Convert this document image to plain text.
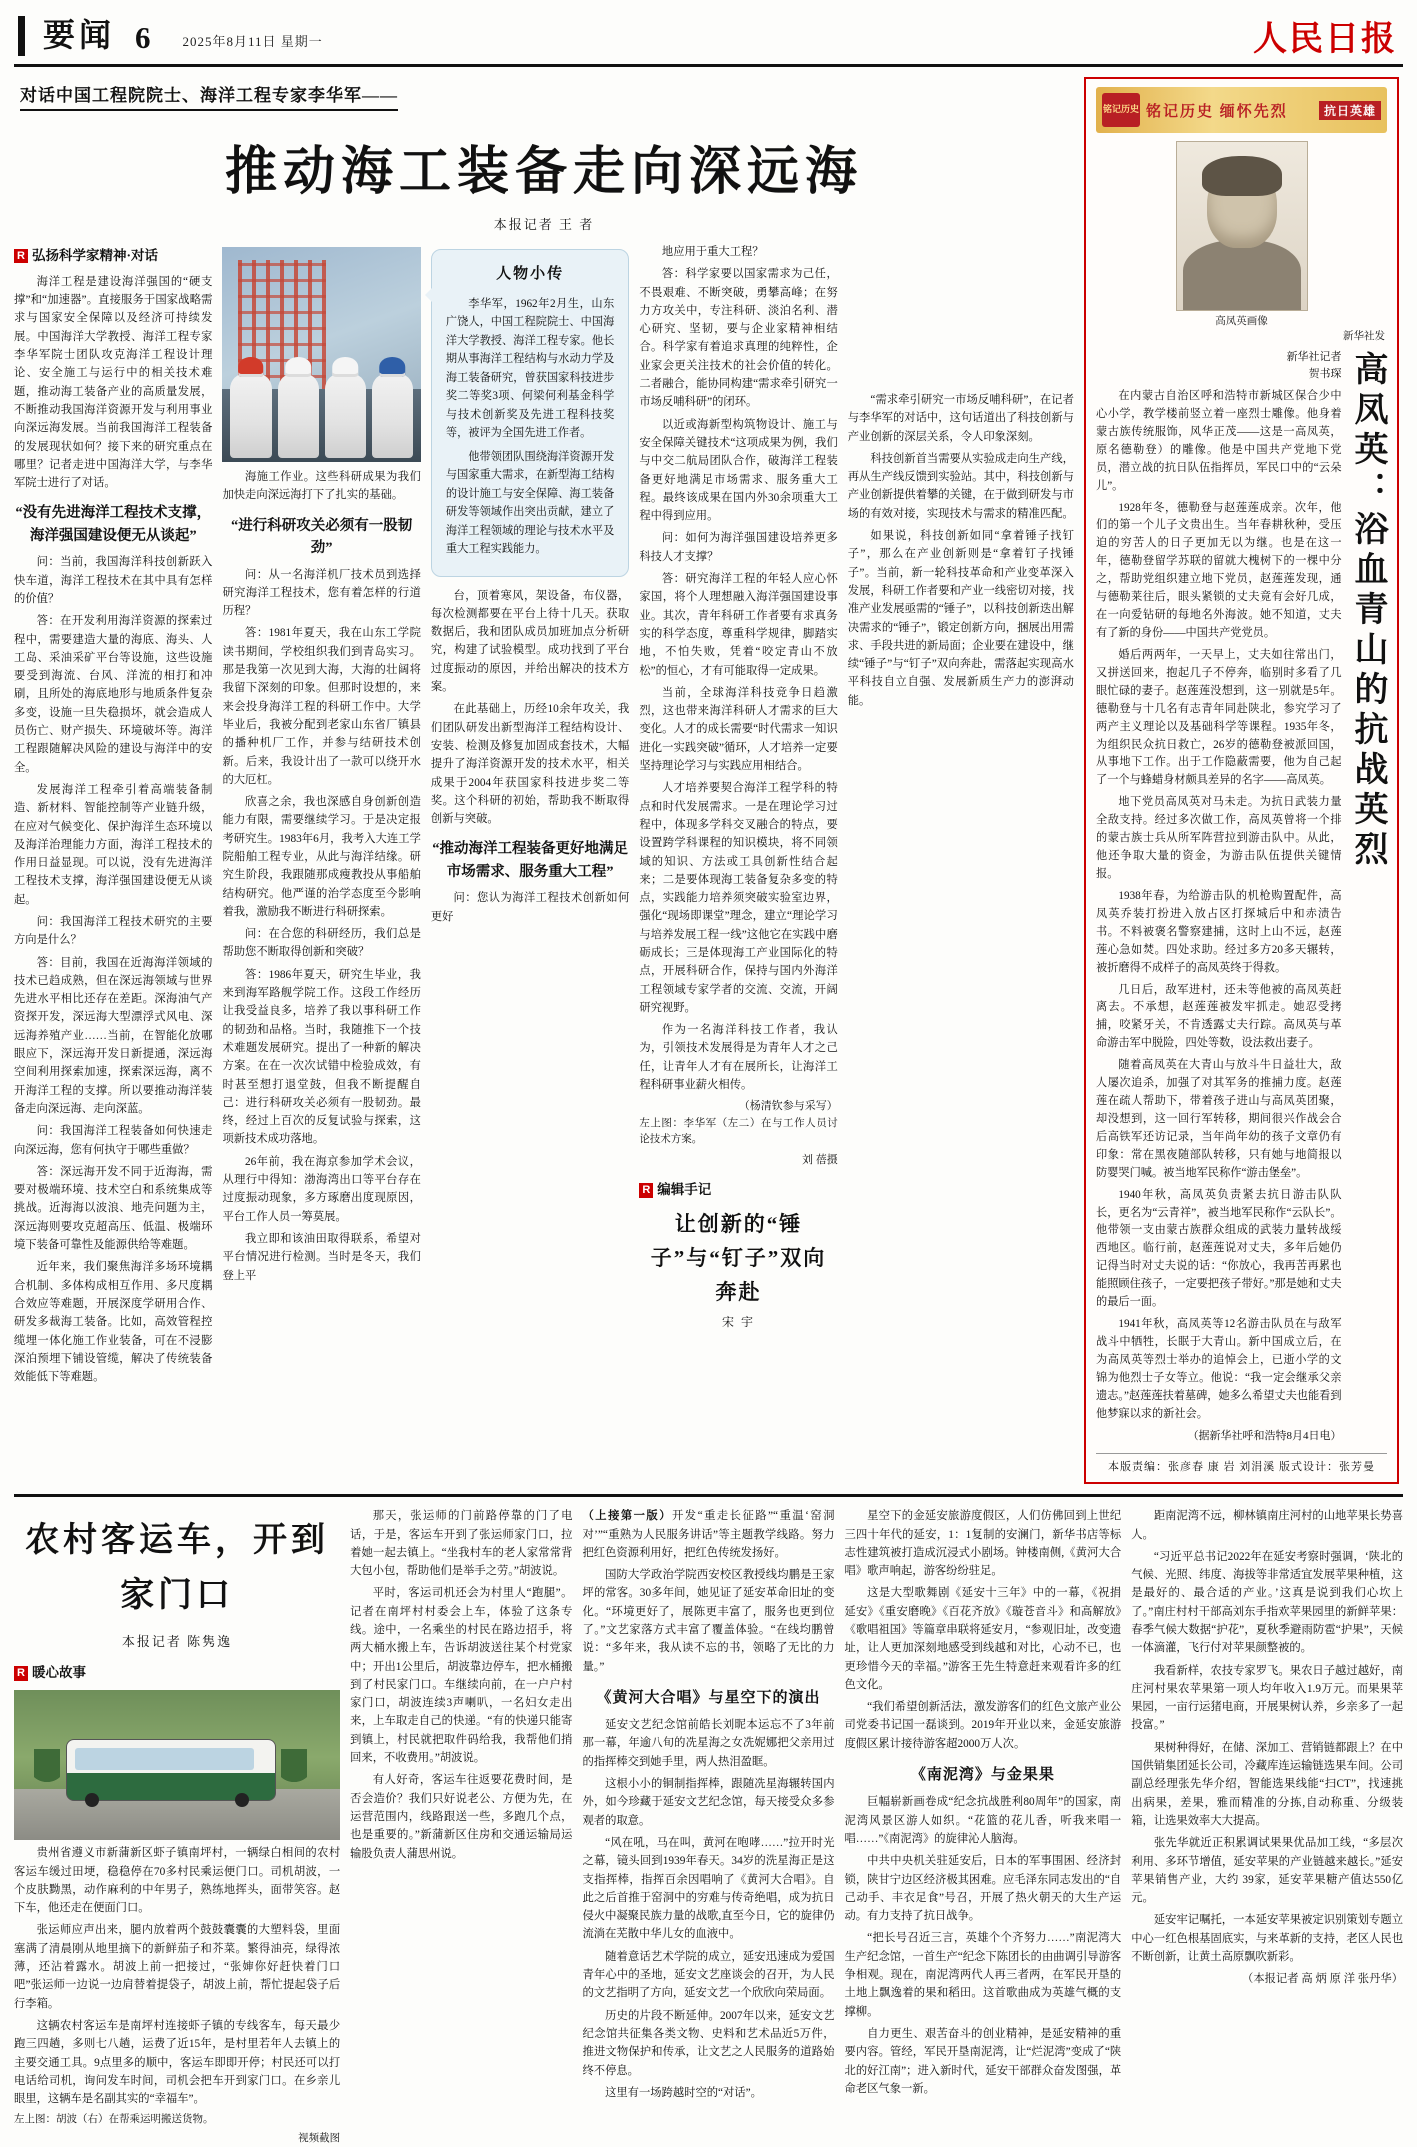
要闻 6 2025年8月11日 星期一	人民日报
对话中国工程院院士、海洋工程专家李华军——
推动海工装备走向深远海
本报记者 王 者
R 弘扬科学家精神·对话

海洋工程是建设海洋强国的“硬支撑”和“加速器”。直接服务于国家战略需求与国家安全保障以及经济可持续发展。中国海洋大学教授、海洋工程专家李华军院士团队攻克海洋工程设计理论、安全施工与运行中的相关技术难题，推动海工装备产业的高质量发展，不断推动我国海洋资源开发与利用事业向深远海发展。当前我国海洋工程装备的发展现状如何？接下来的研究重点在哪里？记者走进中国海洋大学，与李华军院士进行了对话。

“没有先进海洋工程技术支撑，海洋强国建设便无从谈起”

问：当前，我国海洋科技创新跃入快车道，海洋工程技术在其中具有怎样的价值？

答：在开发利用海洋资源的探索过程中，需要建造大量的海底、海头、人工岛、采油采矿平台等设施，这些设施要受到海流、台风、洋流的相打和冲刷，且所处的海底地形与地质条件复杂多变，设施一旦失稳损坏，就会造成人员伤亡、财产损失、环境破坏等。海洋工程跟随解决风险的建设与海洋中的安全。

发展海洋工程牵引着高端装备制造、新材料、智能控制等产业链升级，在应对气候变化、保护海洋生态环境以及海洋治理能力方面，海洋工程技术的作用日益显现。可以说，没有先进海洋工程技术支撑，海洋强国建设便无从谈起。

问：我国海洋工程技术研究的主要方向是什么？

答：目前，我国在近海海洋领域的技术已趋成熟，但在深远海领域与世界先进水平相比还存在差距。深海油气产资探开发，深远海大型漂浮式风电、深远海养殖产业……当前，在智能化放哪眼应下，深远海开发日新提通，深远海空间利用探索加速，探索深远海，离不开海洋工程的支撑。所以要推动海洋装备走向深远海、走向深蓝。

问：我国海洋工程装备如何快速走向深远海，您有何执守于哪些重做？

答：深远海开发不同于近海海，需要对极端环境、技术空白和系统集成等挑战。近海海以波浪、地壳问题为主，深远海则要攻克超高压、低温、极端环境下装备可靠性及能源供给等难题。

近年来，我们聚焦海洋多场环境耦合机制、多体构成相互作用、多尺度耦合效应等难题，开展深度学研用合作、研发多裁海工装备。比如，高效管程控缆埋一体化施工作业装备，可在不浸膨深泊预埋下铺设管缆，解决了传统装备效能低下等难题。

海施工作业。这些科研成果为我们加快走向深远海打下了扎实的基础。

“进行科研攻关必须有一股韧劲”

问：从一名海洋机厂技术员到选择研究海洋工程技术，您有着怎样的行道历程？

答：1981年夏天，我在山东工学院读书期间，学校组织我们到青岛实习。那是我第一次见到大海，大海的壮阔将我留下深刻的印象。但那时设想的，来来会投身海洋工程的科研工作中。大学毕业后，我被分配到老家山东省厂镇县的播种机厂工作，并参与结研技术创新。后来，我设计出了一款可以绕开水的大厄杠。

欣喜之余，我也深感自身创新创造能力有限，需要继续学习。于是决定报考研究生。1983年6月，我考入大连工学院船舶工程专业，从此与海洋结缘。研究生阶段，我跟随那成瘦教投从事船舶结构研究。他严谨的治学态度至今影响着我，激励我不断进行科研探索。

问：在合您的科研经历，我们总是帮助您不断取得创新和突破？

答：1986年夏天，研究生毕业，我来到海军路舰学院工作。这段工作经历让我受益良多，培养了我以事科研工作的韧劲和品格。当时，我随推下一个技术难题发展研究。提出了一种新的解决方案。在在一次次试错中检验成效，有时甚至想打退堂鼓，但我不断提醒自己：进行科研攻关必须有一股韧劲。最终，经过上百次的反复试验与探索，这项新技术成功落地。

26年前，我在海京参加学术会议，从理行中得知：渤海湾出口等平台存在过度振动现象，多方琢磨出度现原因，平台工作人员一筹莫展。

我立即和该油田取得联系，希望对平台情况进行检测。当时是冬天，我们登上平

人物小传

李华军，1962年2月生，山东广饶人，中国工程院院士、中国海洋大学教授、海洋工程专家。他长期从事海洋工程结构与水动力学及海工装备研究，曾获国家科技进步奖二等奖3项、何梁何利基金科学与技术创新奖及先进工程科技奖等，被评为全国先进工作者。

他带领团队围绕海洋资源开发与国家重大需求，在新型海工结构的设计施工与安全保障、海工装备研发等领域作出突出贡献，建立了海洋工程领域的理论与技术水平及重大工程实践能力。

台，顶着寒风，架设备，布仪器，每次检测都要在平台上待十几天。获取数据后，我和团队成员加班加点分析研究，构建了试验模型。成功找到了平台过度振动的原因，并给出解决的技术方案。

在此基础上，历经10余年攻关，我们团队研发出新型海洋工程结构设计、安装、检测及修复加固成套技术，大幅提升了海洋资源开发的技术水平，相关成果于2004年获国家科技进步奖二等奖。这个科研的初始，帮助我不断取得创新与突破。

“推动海洋工程装备更好地满足市场需求、服务重大工程”

问：您认为海洋工程技术创新如何更好

地应用于重大工程？

答：科学家要以国家需求为己任，不畏艰难、不断突破，勇攀高峰；在努力方攻关中，专注科研、淡泊名利、潜心研究、坚韧，要与企业家精神相结合。科学家有着追求真理的纯粹性，企业家会更关注技术的社会价值的转化。二者融合，能协同构建“需求牵引研究一市场反哺科研”的闭环。

以近或海新型构筑物设计、施工与安全保障关键技术“这项成果为例，我们与中交二航局团队合作，破海洋工程装备更好地满足市场需求、服务重大工程。最终该成果在国内外30余项重大工程中得到应用。

问：如何为海洋强国建设培养更多科技人才支撑？

答：研究海洋工程的年轻人应心怀家国，将个人理想融入海洋强国建设事业。其次，青年科研工作者要有求真务实的科学态度，尊重科学规律，脚踏实地，不怕失败，凭着“咬定青山不放松”的恒心，才有可能取得一定成果。

当前，全球海洋科技竞争日趋激烈，这也带来海洋科研人才需求的巨大变化。人才的成长需要“时代需求一知识进化一实践突破”循环，人才培养一定要坚持理论学习与实践应用相结合。

人才培养要契合海洋工程学科的特点和时代发展需求。一是在理论学习过程中，体现多学科交叉融合的特点，要设置跨学科课程的知识模块，将不同领域的知识、方法或工具创新性结合起来；二是要体现海工装备复杂多变的特点，实践能力培养须突破实验室边界，强化“现场即课堂”理念，建立“理论学习与培养发展工程一线”这他它在实践中磨砺成长；三是体现海工产业国际化的特点，开展科研合作，保持与国内外海洋工程领域专家学者的交流、交流，开阔研究视野。

作为一名海洋科技工作者，我认为，引领技术发展得是为青年人才之己任，让青年人才有在展所长，让海洋工程科研事业薪火相传。

（杨清钦参与采写）
左上图：李华军（左二）在与工作人员讨论技术方案。
刘 蓓摄
R 编辑手记
让创新的“锤子”与“钉子”双向奔赴
宋 宇

“需求牵引研究一市场反哺科研”，在记者与李华军的对话中，这句话道出了科技创新与产业创新的深层关系，令人印象深刻。

科技创新首当需要从实验成走向生产线，再从生产线反馈到实验站。其中，科技创新与产业创新提供着攀的关键，在于做到研发与市场的有效对接，实现技术与需求的精准匹配。

如果说，科技创新如同“拿着锤子找钉子”，那么在产业创新则是“拿着钉子找锤子”。当前，新一轮科技革命和产业变革深入发展，科研工作者要和产业一线密切对接，找准产业发展亟需的“锤子”，以科技创新迭出解决需求的“锤子”，锻定创新方向，捆展出用需求、手段共进的新局面；企业要在建设中，继续“锤子”与“钉子”双向奔赴，需落起实现高水平科技自立自强、发展新质生产力的澎湃动能。

铭记历史 铭记历史 缅怀先烈	抗日英雄
高凤英画像
新华社发
新华社记者
贺书琛

在内蒙古自治区呼和浩特市新城区保合少中心小学，教学楼前竖立着一座烈士雕像。他身着蒙古族传统服饰，风华正茂——这是一高凤英，原名德勒登）的雕像。他是中国共产党地下党员，潜立战的抗日队伍指挥员，军民口中的“云朵儿”。

1928年冬，德勒登与赵莲莲成亲。次年，他们的第一个儿子文贵出生。当年春耕秋种，受压迫的穷苦人的日子更加无以为继。也是在这一年，德勒登留学苏联的留就大槐树下的一棵中分之，帮助党组织建立地下党员，赵莲莲发现，通与德勒莱往后，眼头紧锁的丈夫竟有会好几成，在一向爱钻研的每地名外海波。她不知道，丈夫有了新的身份——中国共产党党员。

婚后两两年，一天早上，丈夫如往常出门，又拼送回来，抱起几子不停奔，临别时多看了几眼忙碌的妻子。赵莲莲没想到，这一别就是5年。德勒登与十几名有志青年同赴陕北，参究学习了两产主义理论以及基础科学等课程。1935年冬，为组织民众抗日救亡，26岁的德勒登被派回国，从事地下工作。出于工作隐蔽需要，他为自己起了一个与蜂蜡身材颇具差异的名字——高凤英。

地下党员高凤英对马未走。为抗日武装力量全敌支持。经过多次做工作，高凤英曾将一个排的蒙古族士兵从所军阵营拉到游击队中。从此，他还争取大量的资金，为游击队伍提供关键情报。

1938年春，为给游击队的机枪购置配件，高凤英乔装打扮进入放占区打探城后中和赤渍告书。不料被褒名警察建捕，这时上山不远，赵莲莲心急如焚。四处求助。经过多方20多天辗转，被折磨得不成样子的高凤英终于得救。

几日后，敌军进村，还未等他被的高凤英赶离去。不承想，赵莲莲被发牢抓走。她忍受拷捕，咬紧牙关，不肯透露丈夫行踪。高凤英与革命游击军中脱险，四处等数，设法救出妻子。

随着高凤英在大青山与放斗牛日益壮大，敌人屡次追杀，加强了对其军务的推捕力度。赵莲莲在疏人帮助下，带着孩子进山与高凤英团聚，却没想到，这一回行军转移，期间很兴作战会合后高铁军还访记录，当年尚年幼的孩子文章仍有印象：常在黑夜随部队转移，只有她与地简报以防婴哭门喊。被当地军民称作“游击堡垒”。

1940年秋，高凤英负责紧去抗日游击队队长，更名为“云青祥”，被当地军民称作“云队长”。他带领一支由蒙古族群众组成的武装力量转战绥西地区。临行前，赵莲莲说对丈夫，多年后她仍记得当时对丈夫说的话：“你放心，我再苦再累也能照顾住孩子，一定要把孩子带好。”那是她和丈夫的最后一面。

1941年秋，高凤英等12名游击队员在与敌军战斗中牺牲，长眠于大青山。新中国成立后，在为高凤英等烈士举办的追悼会上，已逝小学的文锦为他烈士子女等立。他说：“我一定会继承父亲遗志。”赵莲莲扶着墓碑，她多么希望丈夫也能看到他梦寐以求的新社会。

（据新华社呼和浩特8月4日电）
高凤英：浴血青山的抗战英烈
本版责编：张彦春 康 岩 刘涓溪 版式设计：张芳曼
农村客运车，开到家门口
本报记者 陈隽逸
R 暖心故事

贵州省遵义市新蒲新区虾子镇南坪村，一辆绿白相间的农村客运车缓过田埂，稳稳停在70多村民乘运便门口。司机胡波，一个皮肤黝黑，动作麻利的中年男子，熟练地挥头，面带笑容。赵下车，他还走在便面门口。

张运师应声出来，腿内放着两个鼓鼓囊囊的大塑料袋，里面塞满了清晨刚从地里摘下的新鲜茄子和芥菜。繁得油亮，绿得浓薄，还沾着露水。胡波上前一把接过，“张婶你好赶快着门口吧”张运师一边说一边肩替着提袋子，胡波上前，帮忙提起袋子后行李箱。

这辆农村客运车是南坪村连接虾子镇的专线客车，每天最少跑三四趟，多则七八趟，运费了近15年，是村里若年人去镇上的主要交通工具。9点里多的顺中，客运车即即开停；村民还可以打电话给司机，询问发车时间，司机会把车开到家门口。在乡亲儿眼里，这辆车是名副其实的“幸福车”。

左上图：胡波（右）在帮乘运明搬送货物。
视频截图

那天，张运师的门前路停靠的门了电话，于是，客运车开到了张运师家门口，拉着她一起去镇上。“坐我村车的老人家常常背大包小包，帮助他们是举手之劳。”胡波说。

平时，客运司机还会为村里人“跑腿”。记者在南坪村村委会上车，体验了这条专线。途中，一名乘坐的村民在路边招手，将两大桶水搬上车，告诉胡波送往某个村党家中；开出1公里后，胡波靠边停车，把水桶搬到了村民家门口。车继续向前，在一户户村家门口，胡波连续3声喇叭，一名妇女走出来，上车取走自己的快递。“有的快递只能寄到镇上，村民就把取件码给我，我帮他们捎回来，不收费用。”胡波说。

有人好奇，客运车往返要花费时间，是否会造价？我们只好说老公、方便为先，在运营范围内，线路跟送一些，多跑几个点，也是重要的。”新蒲新区住房和交通运输局运输股负责人蒲思州说。

（上接第一版）开发“重走长征路”“重温‘窑洞对’”“重熟为人民服务讲话”等主题教学线路。努力把红色资源利用好，把红色传统发扬好。

国防大学政治学院西安校区教授线均鹏是王家坪的常客。30多年间，她见证了延安革命旧址的变化。“环境更好了，展陈更丰富了，服务也更到位了。”文艺家落方式丰富了覆盖体验。“在线均鹏曾说：“多年来，我从读不忘的书，领略了无比的力量。”

《黄河大合唱》与星空下的演出

延安文艺纪念馆前皓长刘昵本运忘不了3年前那一幕，年逾八旬的冼星海之女冼妮娜把父亲用过的指挥棒交到她手里，两人热泪盈眶。

这根小小的铜制指挥棒，跟随冼星海辗转国内外，如今珍藏于延安文艺纪念馆，每天接受众多参观者的取意。

“风在吼，马在叫，黄河在咆哮……”拉开时光之幕，镜头回到1939年春天。34岁的洗星海正是这支指挥棒，指挥百余因唱响了《黄河大合唱》。自此之后首推于窑洞中的穷难与传奇绝唱，成为抗日侵火中凝聚民族力量的战歌,直至今日，它的旋律仍流淌在芜散中华儿女的血液中。

随着意话艺术学院的成立，延安迅速成为爱国青年心中的圣地，延安文艺座谈会的召开，为人民的文艺指明了方向，延安文艺一个欣欣向荣局面。

历史的片段不断延伸。2007年以来，延安文艺纪念馆共征集各类文物、史料和艺术品近5万件，推进文物保护和传承，让文艺之人民服务的道路始终不停息。

这里有一场跨越时空的“对话”。

星空下的金延安旅游度假区，人们仿佛回到上世纪三四十年代的延安，1：1复制的安澜门，新华书店等标志性建筑被打造成沉浸式小剧场。钟楼南侧,《黄河大合唱》歌声响起，游客纷纷驻足。

这是大型歌舞剧《延安十三年》中的一幕，《祝捐延安》《重安磨晚》《百花齐放》《璇苍音斗》和高解放》《歌唱祖国》等篇章串联将延安月，“参观旧址，改变遗址，让人更加深刻地感受到线越和对比，心动不已，也更珍惜今天的幸福。”游客王先生特意赶来观看许多的红色文化。

“我们希望创新活法，激发游客们的红色文旅产业公司党委书记国一磊谈到。2019年开业以来，金延安旅游度假区累计接待游客超2000万人次。

《南泥湾》与金果果

巨幅崭新画卷成“纪念抗战胜利80周年”的国家，南泥湾风景区游人如织。“花篮的花儿香，听我来唱一唱……”《南泥湾》的旋律沁人脑海。

中共中央机关驻延安后，日本的军事围困、经济封锁，陕甘宁边区经济极其困难。应毛泽东同志发出的“自己动手、丰衣足食”号召，开展了热火朝天的大生产运动。有力支持了抗日战争。

“把长号召近三言，英雄个个齐努力……”南泥湾大生产纪念馆，一首生产“纪念下陈团长的由曲调引导游客争相观。现在，南泥湾两代人再三者两，在军民开垦的土地上飘逸着的果和稻田。这首歌曲成为英雄气概的支撑柳。

自力更生、艰苦奋斗的创业精神，是延安精神的重要内容。管经，军民开垦南泥湾，让“烂泥湾”变成了“陕北的好江南”；进入新时代，延安干部群众奋发图强，革命老区气象一新。

距南泥湾不远，柳林镇南庄河村的山地苹果长势喜人。

“习近平总书记2022年在延安考察时强调，‘陕北的气候、光照、纬度、海拔等非常适宜发展苹果种植，这是最好的、最合适的产业。’这真是说到我们心坎上了。”南庄村村干部高刘东手指欢苹果园里的新鲜苹果：春季气候大数据“护花”，夏秋季避雨防雹“护果”，天候一体滴灌，飞行付对苹果颜整被的。

我看新样，农技专家罗飞。果农日子越过越好，南庄河村果农苹果第一项人均年收入1.9万元。而果果苹果园，一亩行运猪电商，开展果树认养，乡亲多了一起投富。”

果树种得好，在储、深加工、营销链都跟上？在中国供销集团延长公司，冷藏库连运输链选果车间。公司副总经理张先华介绍，智能选果线能“扫CT”，找速挑出病果，差果，雅而精准的分拣,自动称重、分级装箱，让选果效率大大提高。

张先华就近正积累调试果果优品加工线，“多层次利用、多环节增值，延安苹果的产业链越来越长。”延安苹果销售产业，大约 39家，延安苹果糖产值达550亿元。

延安牢记嘱托，一本延安苹果被定识别策划专题立中心一红色根基固底实，与来革新的支持，老区人民也不断创新，让黄土高原飘吹新彩。

（本报记者 高 炳 原 洋 张丹华）
